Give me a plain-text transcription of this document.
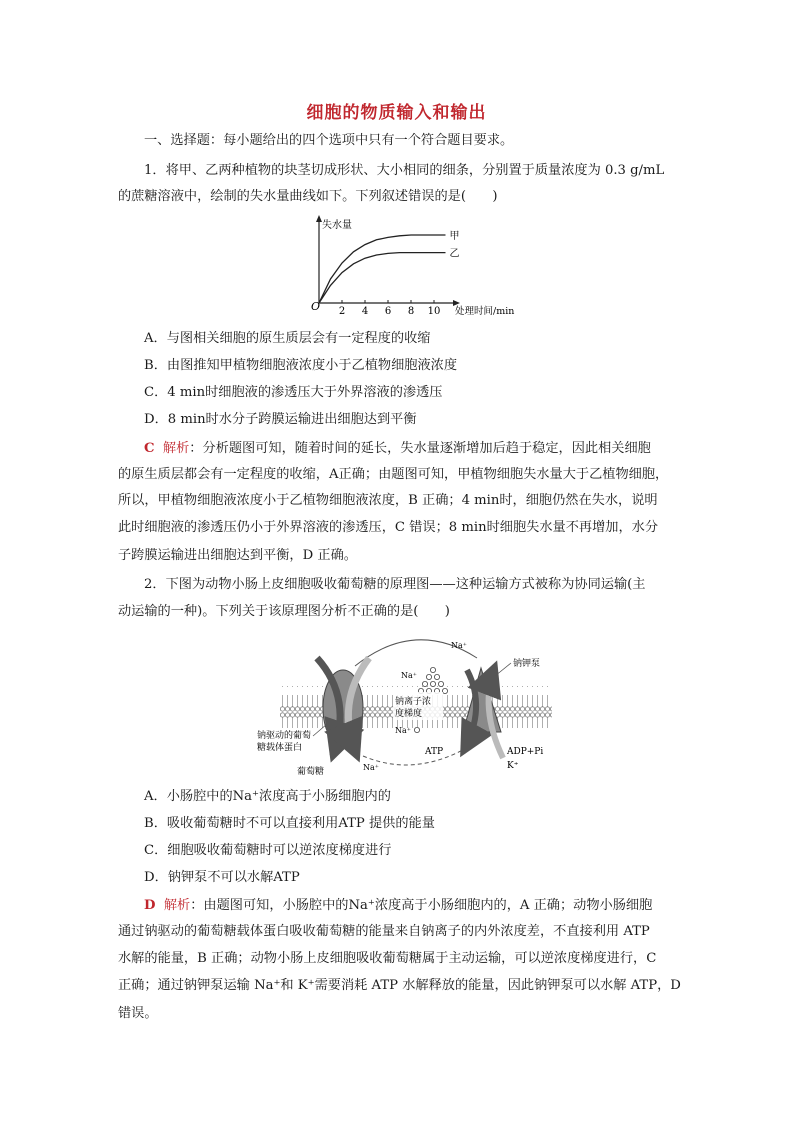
细胞的物质输入和输出
一、选择题：每小题给出的四个选项中只有一个符合题目要求。
1．将甲、乙两种植物的块茎切成形状、大小相同的细条，分别置于质量浓度为 0.3 g/mL
的蔗糖溶液中，绘制的失水量曲线如下。下列叙述错误的是(　　)
失水量
O	处理时间/min
2 4 6 8 10
甲
乙
A．与图相关细胞的原生质层会有一定程度的收缩
B．由图推知甲植物细胞液浓度小于乙植物细胞液浓度
C．4 min时细胞液的渗透压大于外界溶液的渗透压
D．8 min时水分子跨膜运输进出细胞达到平衡
C 解析：分析题图可知，随着时间的延长，失水量逐渐增加后趋于稳定，因此相关细胞
的原生质层都会有一定程度的收缩，A正确；由题图可知，甲植物细胞失水量大于乙植物细胞，
所以，甲植物细胞液浓度小于乙植物细胞液浓度，B 正确；4 min时，细胞仍然在失水，说明
此时细胞液的渗透压仍小于外界溶液的渗透压，C 错误；8 min时细胞失水量不再增加，水分
子跨膜运输进出细胞达到平衡，D 正确。
2．下图为动物小肠上皮细胞吸收葡萄糖的原理图——这种运输方式被称为协同运输(主
动运输的一种)。下列关于该原理图分析不正确的是(　　)
Na⁺
Na⁺
Na⁺
Na⁺
钠离子浓
度梯度
钠钾泵
钠驱动的葡萄
糖载体蛋白
葡萄糖
ATP	ADP+Pi
K⁺
A．小肠腔中的Na⁺浓度高于小肠细胞内的
B．吸收葡萄糖时不可以直接利用ATP 提供的能量
C．细胞吸收葡萄糖时可以逆浓度梯度进行
D．钠钾泵不可以水解ATP
D 解析：由题图可知，小肠腔中的Na⁺浓度高于小肠细胞内的，A 正确；动物小肠细胞
通过钠驱动的葡萄糖载体蛋白吸收葡萄糖的能量来自钠离子的内外浓度差，不直接利用 ATP
水解的能量，B 正确；动物小肠上皮细胞吸收葡萄糖属于主动运输，可以逆浓度梯度进行，C
正确；通过钠钾泵运输 Na⁺和 K⁺需要消耗 ATP 水解释放的能量，因此钠钾泵可以水解 ATP，D
错误。
